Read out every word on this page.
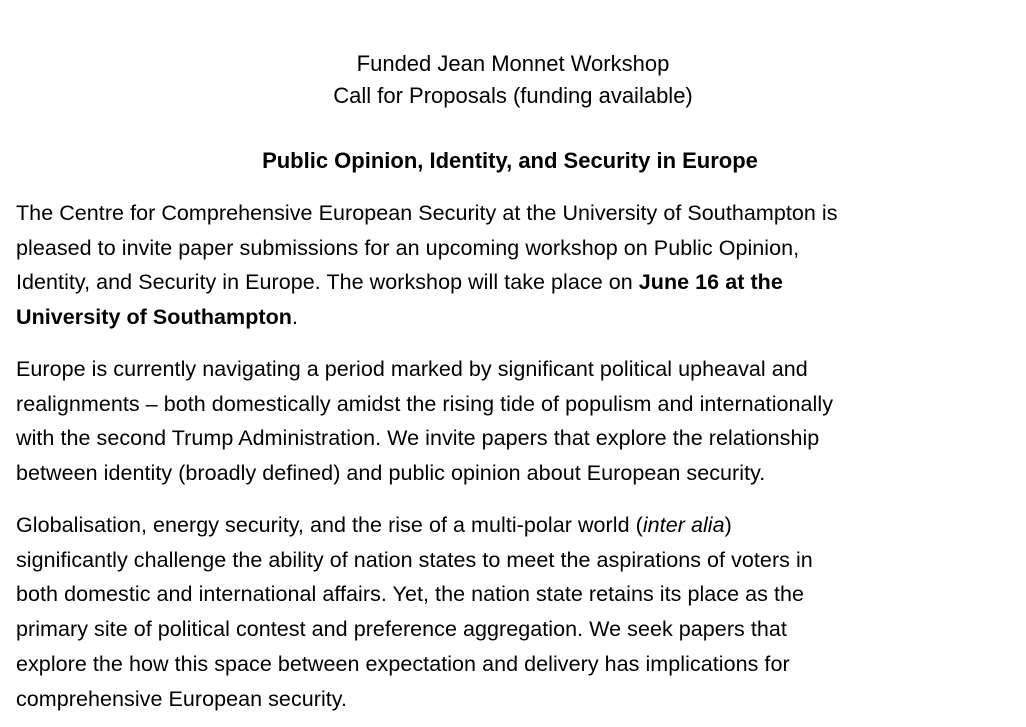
Funded Jean Monnet Workshop
Call for Proposals (funding available)
Public Opinion, Identity, and Security in Europe

The Centre for Comprehensive European Security at the University of Southampton is
pleased to invite paper submissions for an upcoming workshop on Public Opinion,
Identity, and Security in Europe. The workshop will take place on June 16 at the
University of Southampton.

Europe is currently navigating a period marked by significant political upheaval and
realignments – both domestically amidst the rising tide of populism and internationally
with the second Trump Administration. We invite papers that explore the relationship
between identity (broadly defined) and public opinion about European security.

Globalisation, energy security, and the rise of a multi-polar world (inter alia)
significantly challenge the ability of nation states to meet the aspirations of voters in
both domestic and international affairs. Yet, the nation state retains its place as the
primary site of political contest and preference aggregation. We seek papers that
explore the how this space between expectation and delivery has implications for
comprehensive European security.
